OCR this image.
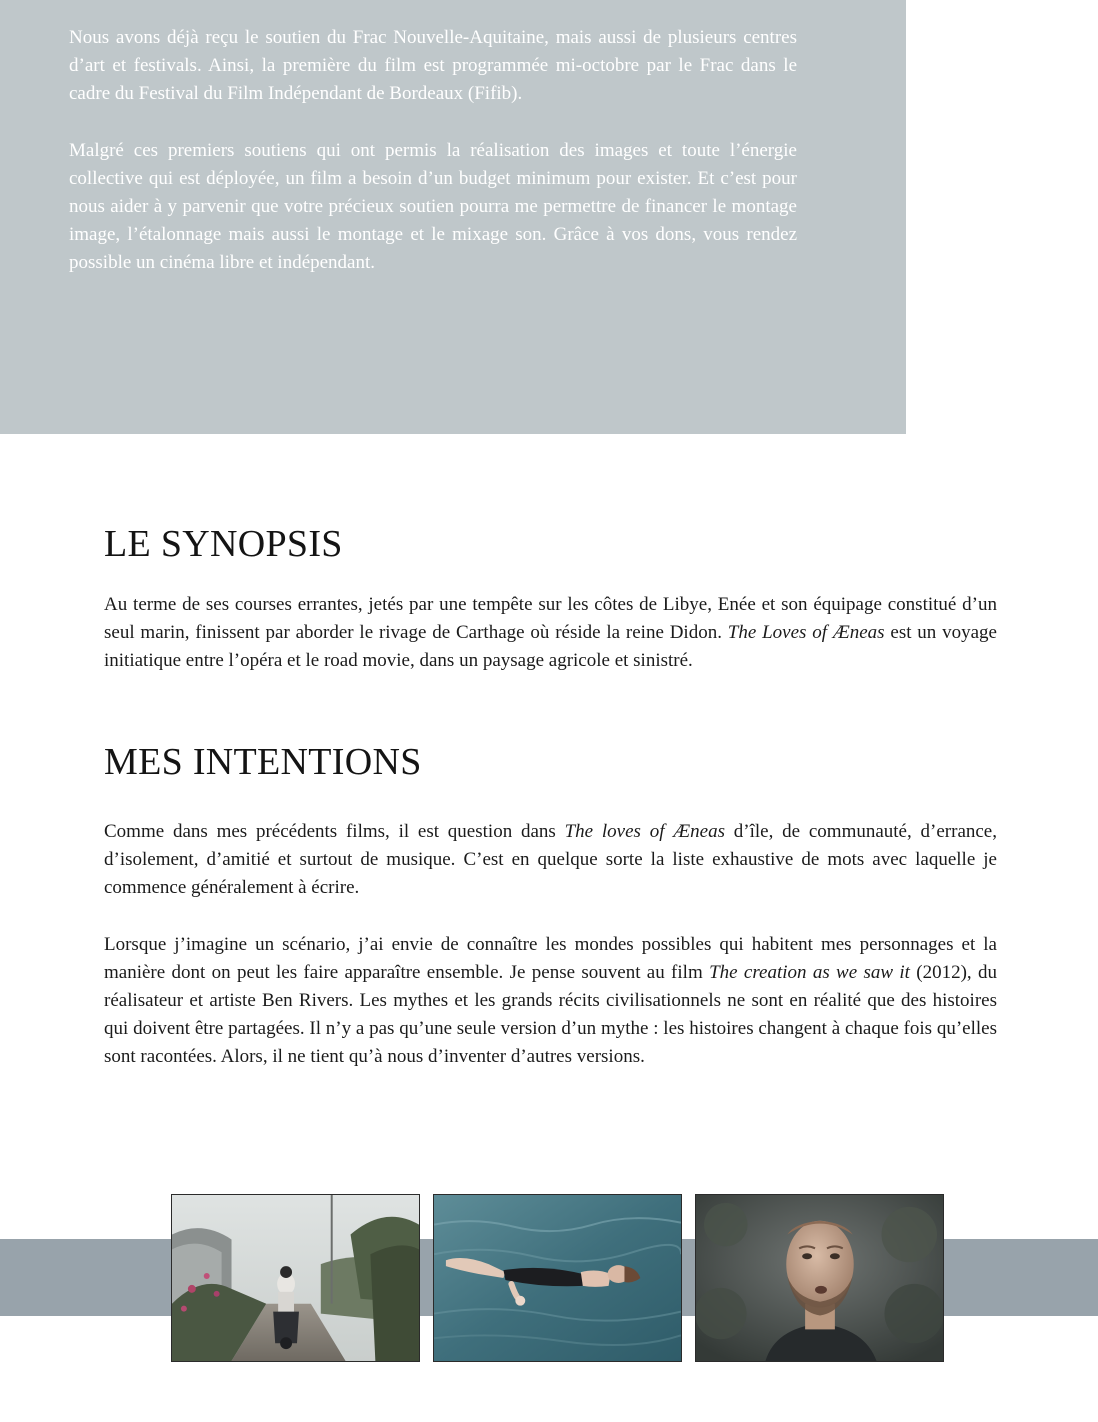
Nous avons déjà reçu le soutien du Frac Nouvelle-Aquitaine, mais aussi de plusieurs centres d’art et festivals. Ainsi, la première du film est programmée mi-octobre par le Frac dans le cadre du Festival du Film Indépendant de Bordeaux (Fifib).

Malgré ces premiers soutiens qui ont permis la réalisation des images et toute l’énergie collective qui est déployée, un film a besoin d’un budget minimum pour exister. Et c’est pour nous aider à y parvenir que votre précieux soutien pourra me permettre de financer le montage image, l’étalonnage mais aussi le montage et le mixage son. Grâce à vos dons, vous rendez possible un cinéma libre et indépendant.

LE SYNOPSIS

Au terme de ses courses errantes, jetés par une tempête sur les côtes de Libye, Enée et son équipage constitué d’un seul marin, finissent par aborder le rivage de Carthage où réside la reine Didon. The Loves of Æneas est un voyage initiatique entre l’opéra et le road movie, dans un paysage agricole et sinistré.

MES INTENTIONS

Comme dans mes précédents films, il est question dans The loves of Æneas d’île, de communauté, d’errance, d’isolement, d’amitié et surtout de musique. C’est en quelque sorte la liste exhaustive de mots avec laquelle je commence généralement à écrire.

Lorsque j’imagine un scénario, j’ai envie de connaître les mondes possibles qui habitent mes personnages et la manière dont on peut les faire apparaître ensemble. Je pense souvent au film The creation as we saw it (2012), du réalisateur et artiste Ben Rivers. Les mythes et les grands récits civilisationnels ne sont en réalité que des histoires qui doivent être partagées. Il n’y a pas qu’une seule version d’un mythe : les histoires changent à chaque fois qu’elles sont racontées. Alors, il ne tient qu’à nous d’inventer d’autres versions.
